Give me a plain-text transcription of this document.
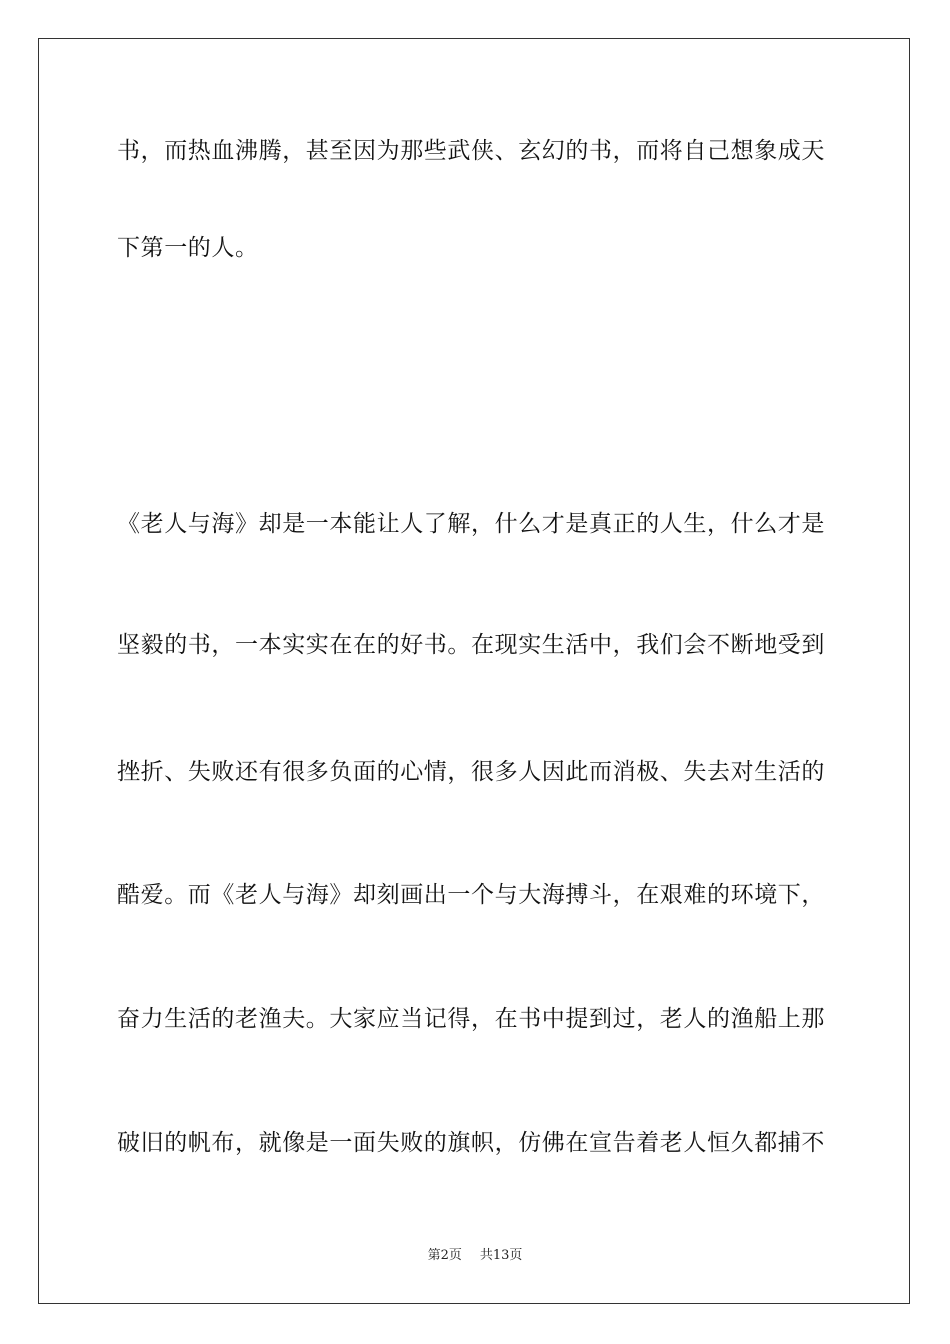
书，而热血沸腾，甚至因为那些武侠、玄幻的书，而将自己想象成天
下第一的人。
《老人与海》却是一本能让人了解，什么才是真正的人生，什么才是
坚毅的书，一本实实在在的好书。在现实生活中，我们会不断地受到
挫折、失败还有很多负面的心情，很多人因此而消极、失去对生活的
酷爱。而《老人与海》却刻画出一个与大海搏斗，在艰难的环境下，
奋力生活的老渔夫。大家应当记得，在书中提到过，老人的渔船上那
破旧的帆布，就像是一面失败的旗帜，仿佛在宣告着老人恒久都捕不
第2页 共13页
